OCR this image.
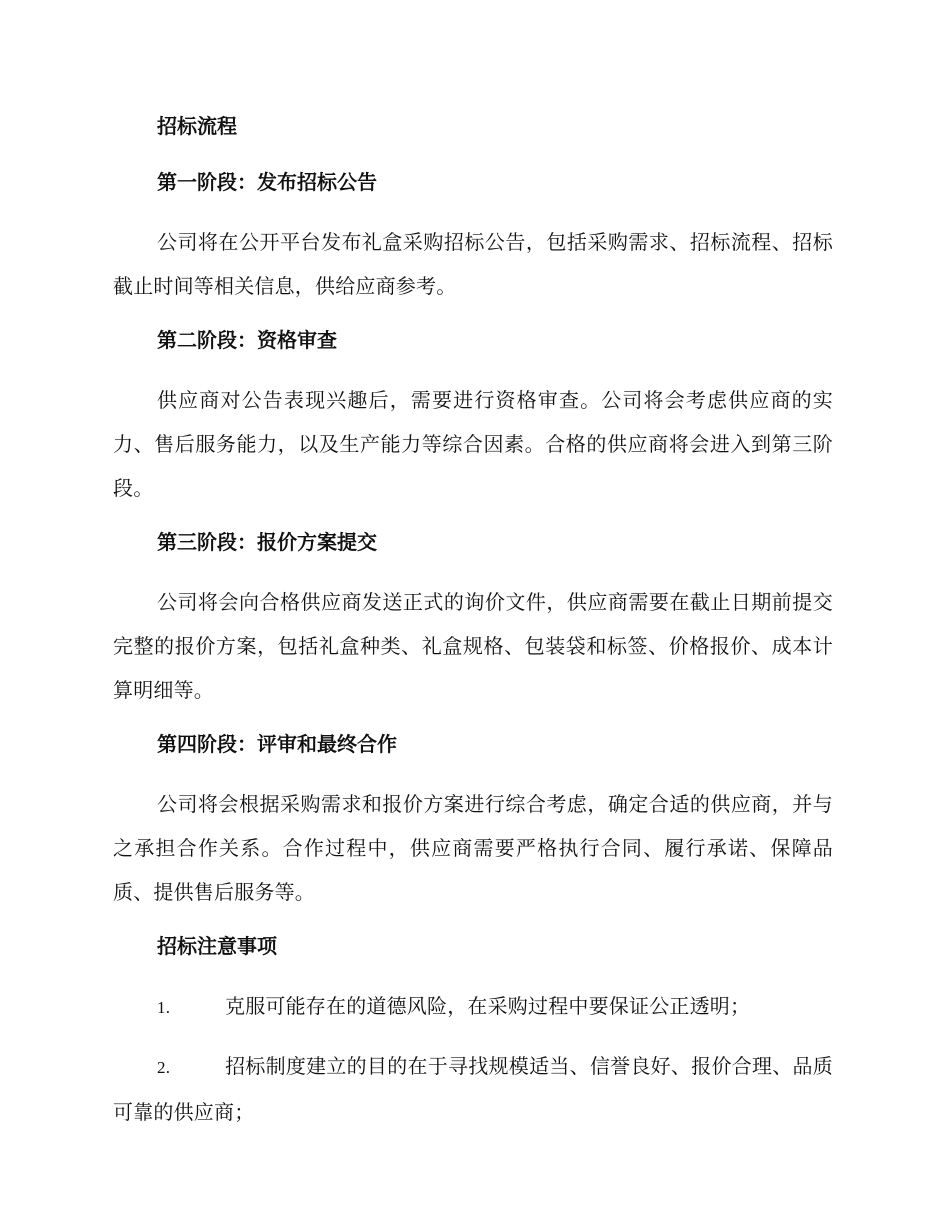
招标流程
第一阶段：发布招标公告

公司将在公开平台发布礼盒采购招标公告，包括采购需求、招标流程、招标截止时间等相关信息，供给应商参考。

第二阶段：资格审查

供应商对公告表现兴趣后，需要进行资格审查。公司将会考虑供应商的实力、售后服务能力，以及生产能力等综合因素。合格的供应商将会进入到第三阶段。

第三阶段：报价方案提交

公司将会向合格供应商发送正式的询价文件，供应商需要在截止日期前提交完整的报价方案，包括礼盒种类、礼盒规格、包装袋和标签、价格报价、成本计算明细等。

第四阶段：评审和最终合作

公司将会根据采购需求和报价方案进行综合考虑，确定合适的供应商，并与之承担合作关系。合作过程中，供应商需要严格执行合同、履行承诺、保障品质、提供售后服务等。

招标注意事项

1.	克服可能存在的道德风险，在采购过程中要保证公正透明；

2.	招标制度建立的目的在于寻找规模适当、信誉良好、报价合理、品质可靠的供应商；
